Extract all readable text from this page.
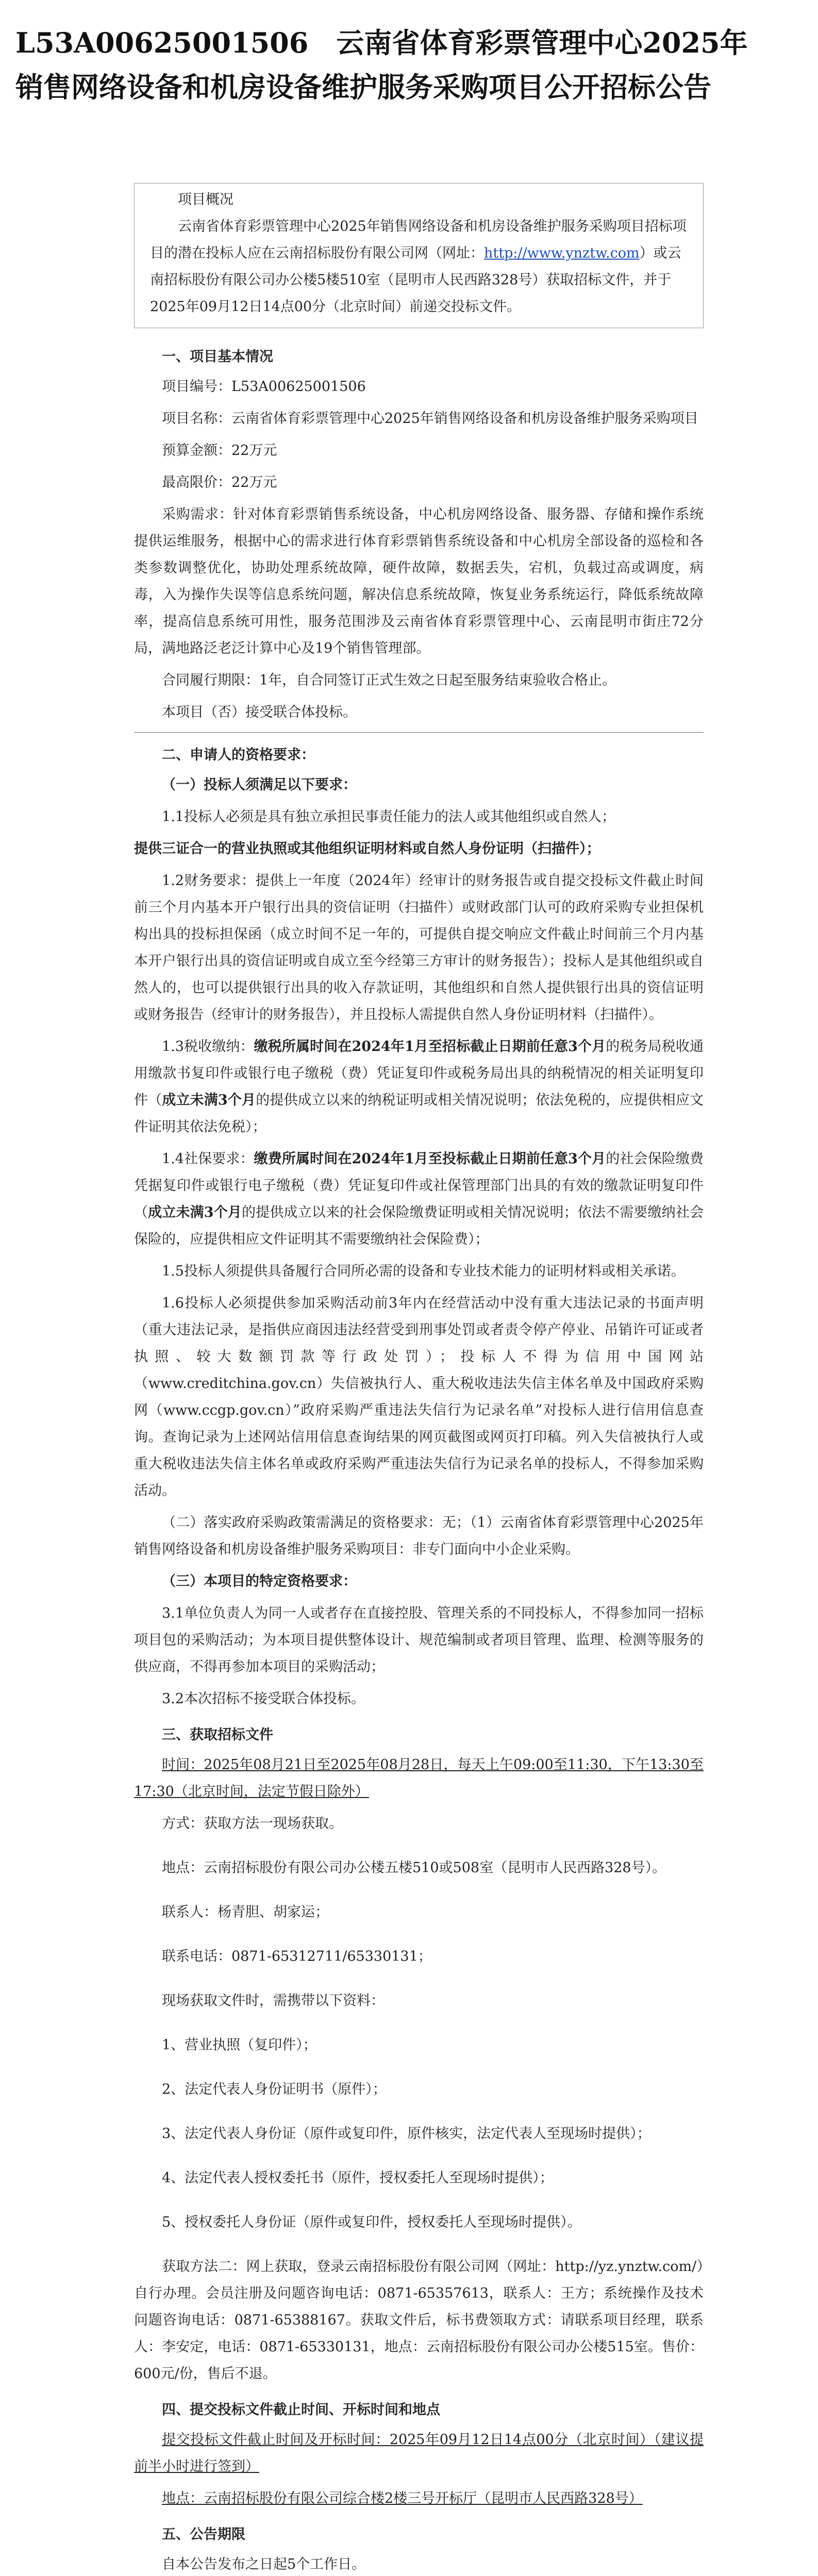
L53A00625001506　云南省体育彩票管理中心2025年销售网络设备和机房设备维护服务采购项目公开招标公告

项目概况

云南省体育彩票管理中心2025年销售网络设备和机房设备维护服务采购项目招标项目的潜在投标人应在云南招标股份有限公司网（网址：http://www.ynztw.com）或云南招标股份有限公司办公楼5楼510室（昆明市人民西路328号）获取招标文件，并于2025年09月12日14点00分（北京时间）前递交投标文件。

一、项目基本情况

项目编号：L53A00625001506

项目名称：云南省体育彩票管理中心2025年销售网络设备和机房设备维护服务采购项目

预算金额：22万元

最高限价：22万元

采购需求：针对体育彩票销售系统设备，中心机房网络设备、服务器、存储和操作系统提供运维服务，根据中心的需求进行体育彩票销售系统设备和中心机房全部设备的巡检和各类参数调整优化，协助处理系统故障，硬件故障，数据丢失，宕机，负载过高或调度，病毒，入为操作失误等信息系统问题，解决信息系统故障，恢复业务系统运行，降低系统故障率，提高信息系统可用性，服务范围涉及云南省体育彩票管理中心、云南昆明市街庄72分局，满地路泛老泛计算中心及19个销售管理部。

合同履行期限：1年，自合同签订正式生效之日起至服务结束验收合格止。

本项目（否）接受联合体投标。

二、申请人的资格要求：

（一）投标人须满足以下要求：

1.1投标人必须是具有独立承担民事责任能力的法人或其他组织或自然人；

提供三证合一的营业执照或其他组织证明材料或自然人身份证明（扫描件）；

1.2财务要求：提供上一年度（2024年）经审计的财务报告或自提交投标文件截止时间前三个月内基本开户银行出具的资信证明（扫描件）或财政部门认可的政府采购专业担保机构出具的投标担保函（成立时间不足一年的，可提供自提交响应文件截止时间前三个月内基本开户银行出具的资信证明或自成立至今经第三方审计的财务报告）；投标人是其他组织或自然人的，也可以提供银行出具的收入存款证明，其他组织和自然人提供银行出具的资信证明或财务报告（经审计的财务报告），并且投标人需提供自然人身份证明材料（扫描件）。

1.3税收缴纳：缴税所属时间在2024年1月至招标截止日期前任意3个月的税务局税收通用缴款书复印件或银行电子缴税（费）凭证复印件或税务局出具的纳税情况的相关证明复印件（成立未满3个月的提供成立以来的纳税证明或相关情况说明；依法免税的，应提供相应文件证明其依法免税）；

1.4社保要求：缴费所属时间在2024年1月至投标截止日期前任意3个月的社会保险缴费凭据复印件或银行电子缴税（费）凭证复印件或社保管理部门出具的有效的缴款证明复印件（成立未满3个月的提供成立以来的社会保险缴费证明或相关情况说明；依法不需要缴纳社会保险的，应提供相应文件证明其不需要缴纳社会保险费）；

1.5投标人须提供具备履行合同所必需的设备和专业技术能力的证明材料或相关承诺。

1.6投标人必须提供参加采购活动前3年内在经营活动中没有重大违法记录的书面声明（重大违法记录，是指供应商因违法经营受到刑事处罚或者责令停产停业、吊销许可证或者执照、较大数额罚款等行政处罚）；投标人不得为信用中国网站（www.creditchina.gov.cn）失信被执行人、重大税收违法失信主体名单及中国政府采购网（www.ccgp.gov.cn）”政府采购严重违法失信行为记录名单”对投标人进行信用信息查询。查询记录为上述网站信用信息查询结果的网页截图或网页打印稿。列入失信被执行人或重大税收违法失信主体名单或政府采购严重违法失信行为记录名单的投标人，不得参加采购活动。

（二）落实政府采购政策需满足的资格要求：无；（1）云南省体育彩票管理中心2025年销售网络设备和机房设备维护服务采购项目：非专门面向中小企业采购。

（三）本项目的特定资格要求：

3.1单位负责人为同一人或者存在直接控股、管理关系的不同投标人，不得参加同一招标项目包的采购活动；为本项目提供整体设计、规范编制或者项目管理、监理、检测等服务的供应商，不得再参加本项目的采购活动；

3.2本次招标不接受联合体投标。

三、获取招标文件

时间：2025年08月21日至2025年08月28日，每天上午09:00至11:30，下午13:30至17:30（北京时间，法定节假日除外）

方式：获取方法一现场获取。

地点：云南招标股份有限公司办公楼五楼510或508室（昆明市人民西路328号）。

联系人：杨青胆、胡家运；

联系电话：0871-65312711/65330131；

现场获取文件时，需携带以下资料：

1、营业执照（复印件）；

2、法定代表人身份证明书（原件）；

3、法定代表人身份证（原件或复印件，原件核实，法定代表人至现场时提供）；

4、法定代表人授权委托书（原件，授权委托人至现场时提供）；

5、授权委托人身份证（原件或复印件，授权委托人至现场时提供）。

获取方法二：网上获取，登录云南招标股份有限公司网（网址：http://yz.ynztw.com/）自行办理。会员注册及问题咨询电话：0871-65357613，联系人：王方；系统操作及技术问题咨询电话：0871-65388167。获取文件后，标书费领取方式：请联系项目经理，联系人：李安定，电话：0871-65330131，地点：云南招标股份有限公司办公楼515室。售价：600元/份，售后不退。

四、提交投标文件截止时间、开标时间和地点

提交投标文件截止时间及开标时间：2025年09月12日14点00分（北京时间）（建议提前半小时进行签到）

地点：云南招标股份有限公司综合楼2楼三号开标厅（昆明市人民西路328号）

五、公告期限

自本公告发布之日起5个工作日。
